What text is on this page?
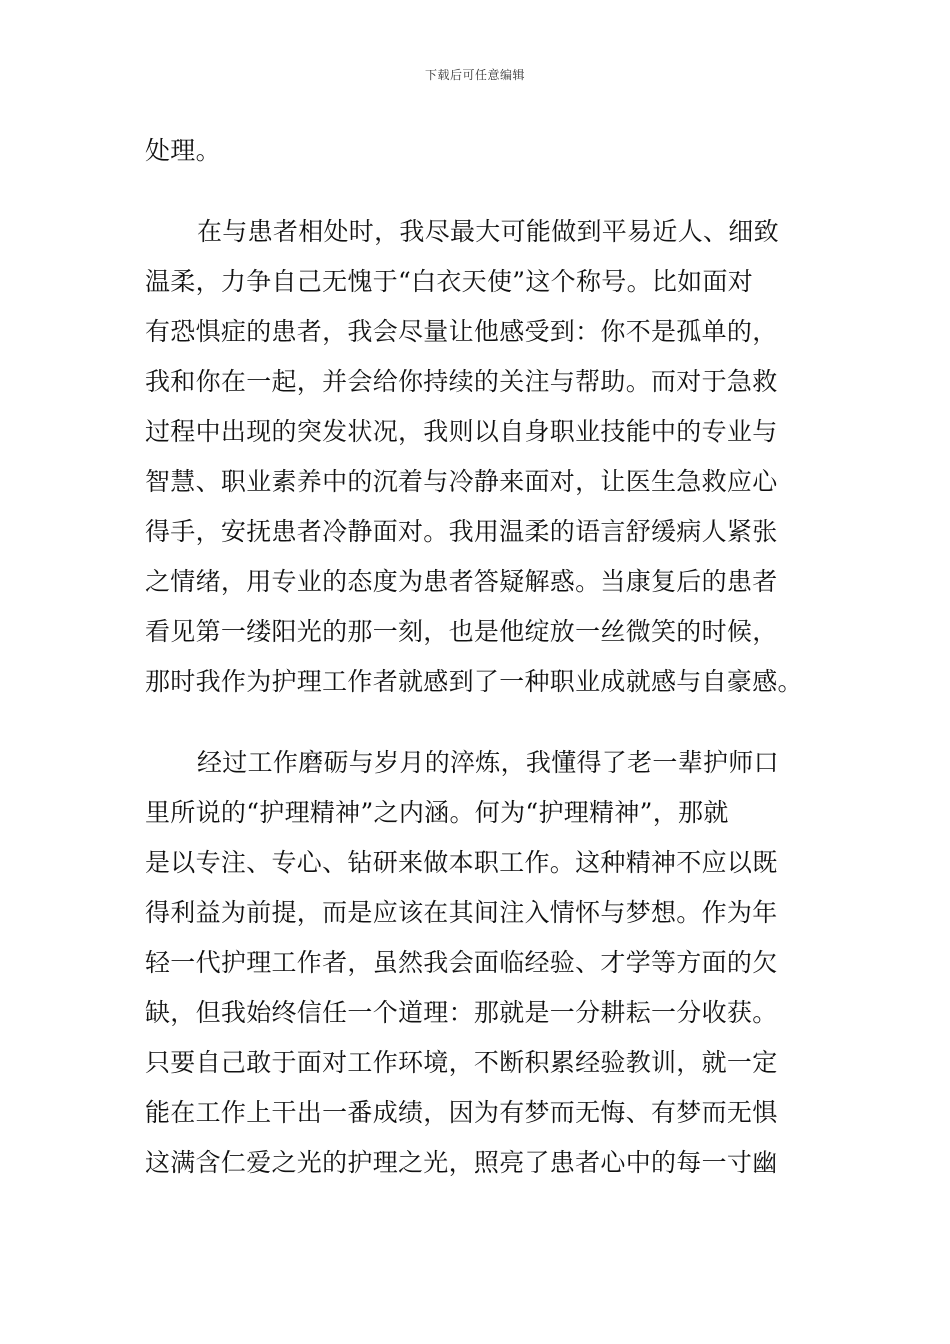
下载后可任意编辑
处理。
在与患者相处时，我尽最大可能做到平易近人、细致
温柔，力争自己无愧于“白衣天使”这个称号。比如面对
有恐惧症的患者，我会尽量让他感受到：你不是孤单的，
我和你在一起，并会给你持续的关注与帮助。而对于急救
过程中出现的突发状况，我则以自身职业技能中的专业与
智慧、职业素养中的沉着与冷静来面对，让医生急救应心
得手，安抚患者冷静面对。我用温柔的语言舒缓病人紧张
之情绪，用专业的态度为患者答疑解惑。当康复后的患者
看见第一缕阳光的那一刻，也是他绽放一丝微笑的时候，
那时我作为护理工作者就感到了一种职业成就感与自豪感。
经过工作磨砺与岁月的淬炼，我懂得了老一辈护师口
里所说的“护理精神”之内涵。何为“护理精神”，那就
是以专注、专心、钻研来做本职工作。这种精神不应以既
得利益为前提，而是应该在其间注入情怀与梦想。作为年
轻一代护理工作者，虽然我会面临经验、才学等方面的欠
缺，但我始终信任一个道理：那就是一分耕耘一分收获。
只要自己敢于面对工作环境，不断积累经验教训，就一定
能在工作上干出一番成绩，因为有梦而无悔、有梦而无惧
这满含仁爱之光的护理之光，照亮了患者心中的每一寸幽
